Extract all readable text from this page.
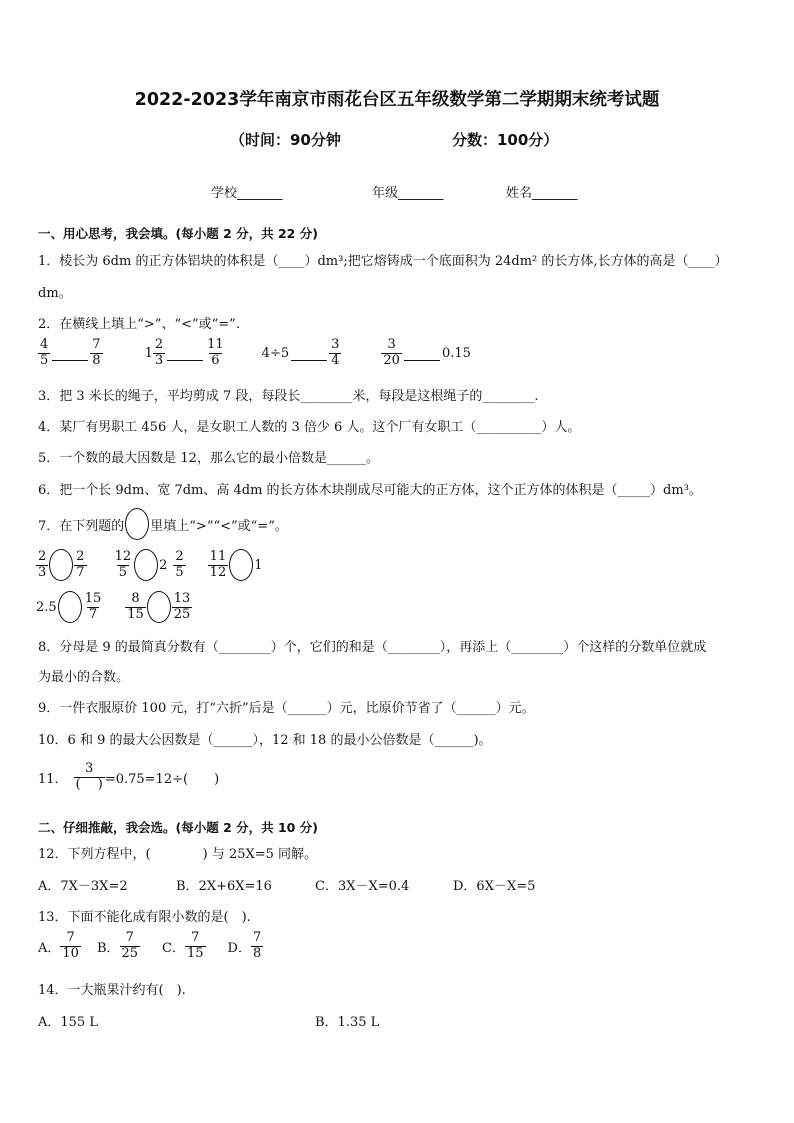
2022-2023学年南京市雨花台区五年级数学第二学期期末统考试题
（时间：90分钟	分数：100分）
学校_______	年级_______	姓名_______
一、用心思考，我会填。(每小题 2 分，共 22 分)
1．棱长为 6dm 的正方体铝块的体积是（____）dm³;把它熔铸成一个底面积为 24dm² 的长方体,长方体的高是（____）
dm。
2．在横线上填上“>”、“<”或“=”.
$\frac{4}{5}$	$\frac{7}{8}$	$1 \frac{2}{3}$	$\frac{11}{6}$	4÷5	$\frac{3}{4}$	$\frac{3}{20}$	0.15
3．把 3 米长的绳子，平均剪成 7 段，每段长________米，每段是这根绳子的________.
4．某厂有男职工 456 人，是女职工人数的 3 倍少 6 人。这个厂有女职工（__________）人。
5．一个数的最大因数是 12，那么它的最小倍数是______。
6．把一个长 9dm、宽 7dm、高 4dm 的长方体木块削成尽可能大的正方体，这个正方体的体积是（_____）dm³。
7．在下列题的 里填上“>”“<”或“=”。
$\frac{2}{3} \frac{2}{7} \frac{12}{5} 2 \frac{2}{5} \frac{11}{12} 1$
$2.5 \frac{15}{7} \frac{8}{15} \frac{13}{25}$
8．分母是 9 的最简真分数有（________）个，它们的和是（________），再添上（________）个这样的分数单位就成
为最小的合数。
9．一件衣服原价 100 元，打“六折”后是（______）元，比原价节省了（______）元。
10．6 和 9 的最大公因数是（______），12 和 18 的最小公倍数是（______)。
11． $\frac{3}{( )} =0.75=12\div$(　　)
二、仔细推敲，我会选。(每小题 2 分，共 10 分)
12．下列方程中，(　　　　) 与 25X=5 同解。
A．7X－3X=2	B．2X+6X=16	C．3X－X=0.4	D．6X－X=5
13．下面不能化成有限小数的是(　).
A． $\frac{7}{10}$ B． $\frac{7}{25}$ C． $\frac{7}{15}$ D． $\frac{7}{8}$
14．一大瓶果汁约有(　).
A．155 L	B．1.35 L
